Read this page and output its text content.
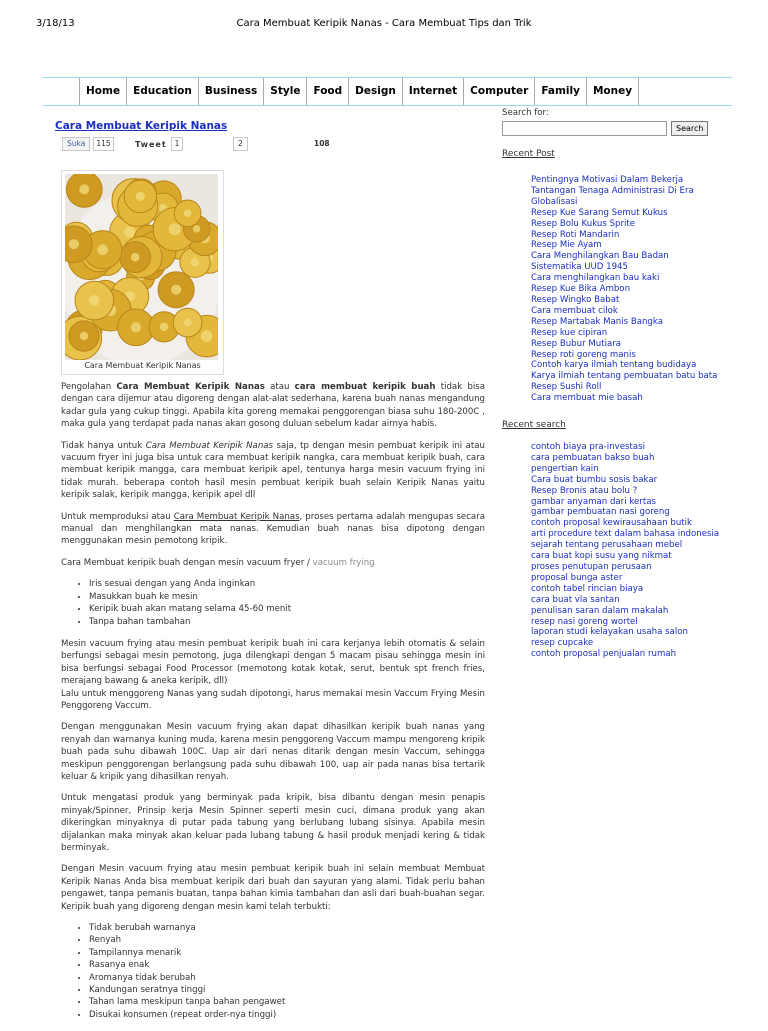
3/18/13	Cara Membuat Keripik Nanas - Cara Membuat Tips dan Trik
Home	Education	Business	Style	Food	Design	Internet	Computer	Family	Money
Cara Membuat Keripik Nanas
Suka	115	Tweet	1	2	108
Cara Membuat Keripik Nanas

Pengolahan Cara Membuat Keripik Nanas atau cara membuat keripik buah tidak bisa dengan cara dijemur atau digoreng dengan alat-alat sederhana, karena buah nanas mengandung kadar gula yang cukup tinggi. Apabila kita goreng memakai penggorengan biasa suhu 180-200C , maka gula yang terdapat pada nanas akan gosong duluan sebelum kadar airnya habis.

Tidak hanya untuk Cara Membuat Keripik Nanas saja, tp dengan mesin pembuat keripik ini atau vacuum fryer ini juga bisa untuk cara membuat keripik nangka, cara membuat keripik buah, cara membuat keripik mangga, cara membuat keripik apel, tentunya harga mesin vacuum frying ini tidak murah. beberapa contoh hasil mesin pembuat keripik buah selain Keripik Nanas yaitu keripik salak, keripik mangga, keripik apel dll

Untuk memproduksi atau Cara Membuat Keripik Nanas, proses pertama adalah mengupas secara manual dan menghilangkan mata nanas. Kemudian buah nanas bisa dipotong dengan menggunakan mesin pemotong kripik.

Cara Membuat keripik buah dengan mesin vacuum fryer / vacuum frying

• Iris sesuai dengan yang Anda inginkan
• Masukkan buah ke mesin
• Keripik buah akan matang selama 45-60 menit
• Tanpa bahan tambahan

Mesin vacuum frying atau mesin pembuat keripik buah ini cara kerjanya lebih otomatis & selain berfungsi sebagai mesin pemotong, juga dilengkapi dengan 5 macam pisau sehingga mesin ini bisa berfungsi sebagai Food Processor (memotong kotak kotak, serut, bentuk spt french fries, merajang bawang & aneka keripik, dll)

Lalu untuk menggoreng Nanas yang sudah dipotongi, harus memakai mesin Vaccum Frying Mesin Penggoreng Vaccum.

Dengan menggunakan Mesin vacuum frying akan dapat dihasilkan keripik buah nanas yang renyah dan warnanya kuning muda, karena mesin penggoreng Vaccum mampu mengoreng kripik buah pada suhu dibawah 100C. Uap air dari nenas ditarik dengan mesin Vaccum, sehingga meskipun penggorengan berlangsung pada suhu dibawah 100, uap air pada nanas bisa tertarik keluar & kripik yang dihasilkan renyah.

Untuk mengatasi produk yang berminyak pada kripik, bisa dibantu dengan mesin penapis minyak/Spinner, Prinsip kerja Mesin Spinner seperti mesin cuci, dimana produk yang akan dikeringkan minyaknya di putar pada tabung yang berlubang lubang sisinya. Apabila mesin dijalankan maka minyak akan keluar pada lubang tabung & hasil produk menjadi kering & tidak berminyak.

Dengan Mesin vacuum frying atau mesin pembuat keripik buah ini selain membuat Membuat Keripik Nanas Anda bisa membuat keripik dari buah dan sayuran yang alami. Tidak perlu bahan pengawet, tanpa pemanis buatan, tanpa bahan kimia tambahan dan asli dari buah-buahan segar. Keripik buah yang digoreng dengan mesin kami telah terbukti:

• Tidak berubah warnanya
• Renyah
• Tampilannya menarik
• Rasanya enak
• Aromanya tidak berubah
• Kandungan seratnya tinggi
• Tahan lama meskipun tanpa bahan pengawet
• Disukai konsumen (repeat order-nya tinggi)
Search for:
Search
Recent Post
Pentingnya Motivasi Dalam Bekerja
Tantangan Tenaga Administrasi Di Era Globalisasi
Resep Kue Sarang Semut Kukus
Resep Bolu Kukus Sprite
Resep Roti Mandarin
Resep Mie Ayam
Cara Menghilangkan Bau Badan
Sistematika UUD 1945
Cara menghilangkan bau kaki
Resep Kue Bika Ambon
Resep Wingko Babat
Cara membuat cilok
Resep Martabak Manis Bangka
Resep kue cipiran
Resep Bubur Mutiara
Resep roti goreng manis
Contoh karya ilmiah tentang budidaya
Karya ilmiah tentang pembuatan batu bata
Resep Sushi Roll
Cara membuat mie basah
Recent search
contoh biaya pra-investasi
cara pembuatan bakso buah
pengertian kain
Cara buat bumbu sosis bakar
Resep Bronis atau bolu ?
gambar anyaman dari kertas
gambar pembuatan nasi goreng
contoh proposal kewirausahaan butik
arti procedure text dalam bahasa indonesia
sejarah tentang perusahaan mebel
cara buat kopi susu yang nikmat
proses penutupan perusaan
proposal bunga aster
contoh tabel rincian biaya
cara buat vla santan
penulisan saran dalam makalah
resep nasi goreng wortel
laporan studi kelayakan usaha salon
resep cupcake
contoh proposal penjualan rumah
